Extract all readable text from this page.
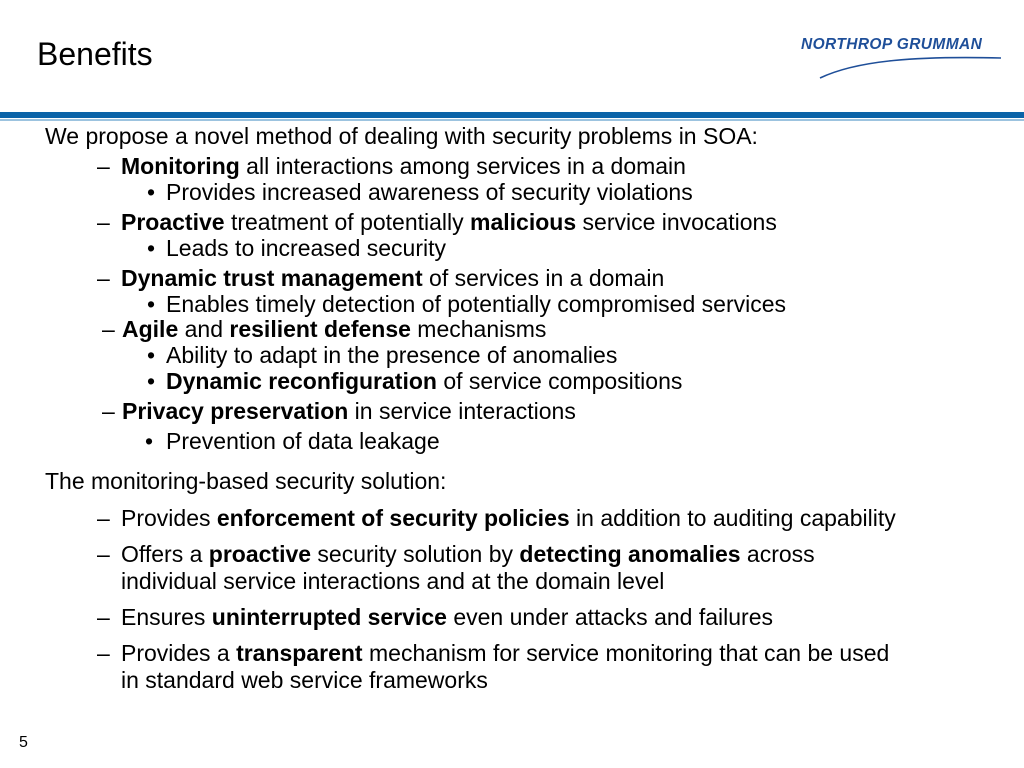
Benefits	NORTHROP GRUMMAN
We propose a novel method of dealing with security problems in SOA:
– Monitoring all interactions among services in a domain
• Provides increased awareness of security violations
– Proactive treatment of potentially malicious service invocations
• Leads to increased security
– Dynamic trust management of services in a domain
• Enables timely detection of potentially compromised services
– Agile and resilient defense mechanisms
• Ability to adapt in the presence of anomalies
• Dynamic reconfiguration of service compositions
– Privacy preservation in service interactions
• Prevention of data leakage
The monitoring-based security solution:
– Provides enforcement of security policies in addition to auditing capability
– Offers a proactive security solution by detecting anomalies across
individual service interactions and at the domain level
– Ensures uninterrupted service even under attacks and failures
– Provides a transparent mechanism for service monitoring that can be used
in standard web service frameworks
5
